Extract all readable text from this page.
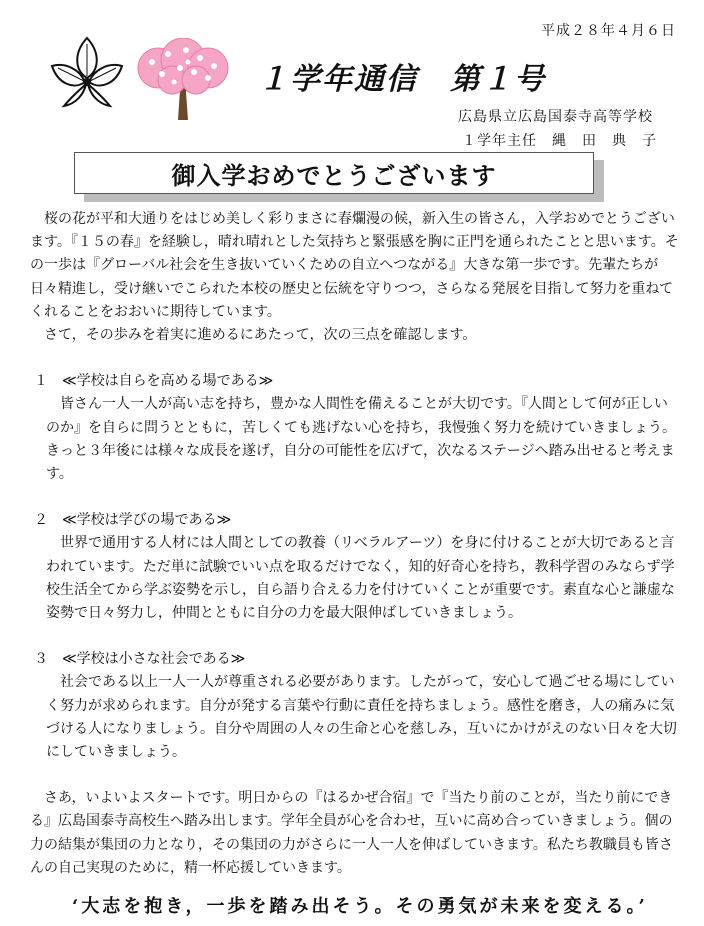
平成２８年４月６日
１学年通信　第１号
広島県立広島国泰寺高等学校
１学年主任　縄　田　典　子
御入学おめでとうございます

桜の花が平和大通りをはじめ美しく彩りまさに春爛漫の候，新入生の皆さん，入学おめでとうございます。『１５の春』を経験し，晴れ晴れとした気持ちと緊張感を胸に正門を通られたことと思います。その一歩は『グローバル社会を生き抜いていくための自立へつながる』大きな第一歩です。先輩たちが日々精進し，受け継いでこられた本校の歴史と伝統を守りつつ，さらなる発展を目指して努力を重ねてくれることをおおいに期待しています。

さて，その歩みを着実に進めるにあたって，次の三点を確認します。

１　≪学校は自らを高める場である≫

皆さん一人一人が高い志を持ち，豊かな人間性を備えることが大切です。『人間として何が正しいのか』を自らに問うとともに，苦しくても逃げない心を持ち，我慢強く努力を続けていきましょう。きっと３年後には様々な成長を遂げ，自分の可能性を広げて，次なるステージへ踏み出せると考えます。

２　≪学校は学びの場である≫

世界で通用する人材には人間としての教養（リベラルアーツ）を身に付けることが大切であると言われています。ただ単に試験でいい点を取るだけでなく，知的好奇心を持ち，教科学習のみならず学校生活全てから学ぶ姿勢を示し，自ら語り合える力を付けていくことが重要です。素直な心と謙虚な姿勢で日々努力し，仲間とともに自分の力を最大限伸ばしていきましょう。

３　≪学校は小さな社会である≫

社会である以上一人一人が尊重される必要があります。したがって，安心して過ごせる場にしていく努力が求められます。自分が発する言葉や行動に責任を持ちましょう。感性を磨き，人の痛みに気づける人になりましょう。自分や周囲の人々の生命と心を慈しみ，互いにかけがえのない日々を大切にしていきましょう。

さあ，いよいよスタートです。明日からの『はるかぜ合宿』で『当たり前のことが，当たり前にできる』広島国泰寺高校生へ踏み出します。学年全員が心を合わせ，互いに高め合っていきましょう。個の力の結集が集団の力となり，その集団の力がさらに一人一人を伸ばしていきます。私たち教職員も皆さんの自己実現のために，精一杯応援していきます。

‘大志を抱き，一歩を踏み出そう。その勇気が未来を変える。’
